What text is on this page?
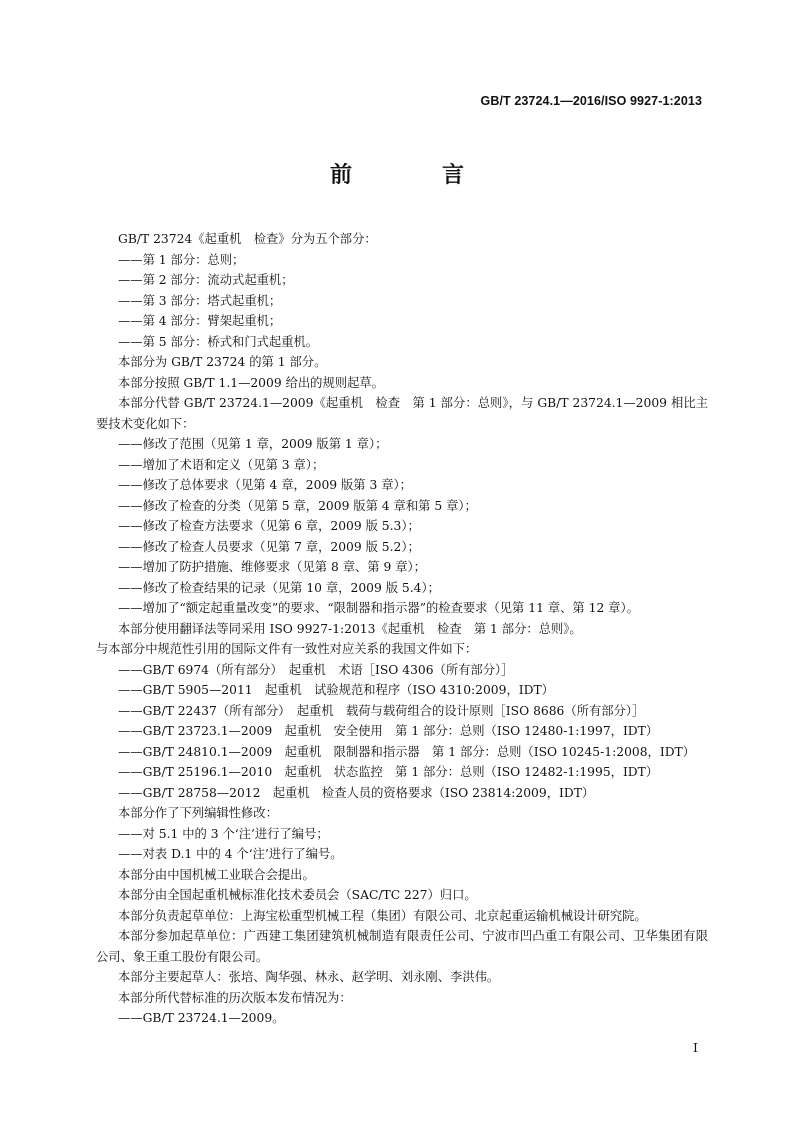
GB/T 23724.1—2016/ISO 9927-1:2013
前　言

GB/T 23724《起重机　检查》分为五个部分：

——第 1 部分：总则；

——第 2 部分：流动式起重机；

——第 3 部分：塔式起重机；

——第 4 部分：臂架起重机；

——第 5 部分：桥式和门式起重机。

本部分为 GB/T 23724 的第 1 部分。

本部分按照 GB/T 1.1—2009 给出的规则起草。

本部分代替 GB/T 23724.1—2009《起重机　检查　第 1 部分：总则》，与 GB/T 23724.1—2009 相比主要技术变化如下：

——修改了范围（见第 1 章，2009 版第 1 章）；

——增加了术语和定义（见第 3 章）；

——修改了总体要求（见第 4 章，2009 版第 3 章）；

——修改了检查的分类（见第 5 章，2009 版第 4 章和第 5 章）；

——修改了检查方法要求（见第 6 章，2009 版 5.3）；

——修改了检查人员要求（见第 7 章，2009 版 5.2）；

——增加了防护措施、维修要求（见第 8 章、第 9 章）；

——修改了检查结果的记录（见第 10 章，2009 版 5.4）；

——增加了“额定起重量改变”的要求、“限制器和指示器”的检查要求（见第 11 章、第 12 章）。

本部分使用翻译法等同采用 ISO 9927-1:2013《起重机　检查　第 1 部分：总则》。

与本部分中规范性引用的国际文件有一致性对应关系的我国文件如下：

——GB/T 6974（所有部分）　起重机　术语［ISO 4306（所有部分）］

——GB/T 5905—2011　起重机　试验规范和程序（ISO 4310:2009，IDT）

——GB/T 22437（所有部分）　起重机　载荷与载荷组合的设计原则［ISO 8686（所有部分）］

——GB/T 23723.1—2009　起重机　安全使用　第 1 部分：总则（ISO 12480-1:1997，IDT）

——GB/T 24810.1—2009　起重机　限制器和指示器　第 1 部分：总则（ISO 10245-1:2008，IDT）

——GB/T 25196.1—2010　起重机　状态监控　第 1 部分：总则（ISO 12482-1:1995，IDT）

——GB/T 28758—2012　起重机　检查人员的资格要求（ISO 23814:2009，IDT）

本部分作了下列编辑性修改：

——对 5.1 中的 3 个‘注’进行了编号；

——对表 D.1 中的 4 个‘注’进行了编号。

本部分由中国机械工业联合会提出。

本部分由全国起重机械标准化技术委员会（SAC/TC 227）归口。

本部分负责起草单位：上海宝松重型机械工程（集团）有限公司、北京起重运输机械设计研究院。

本部分参加起草单位：广西建工集团建筑机械制造有限责任公司、宁波市凹凸重工有限公司、卫华集团有限公司、象王重工股份有限公司。

本部分主要起草人：张培、陶华强、林永、赵学明、刘永刚、李洪伟。

本部分所代替标准的历次版本发布情况为：

——GB/T 23724.1—2009。

I
